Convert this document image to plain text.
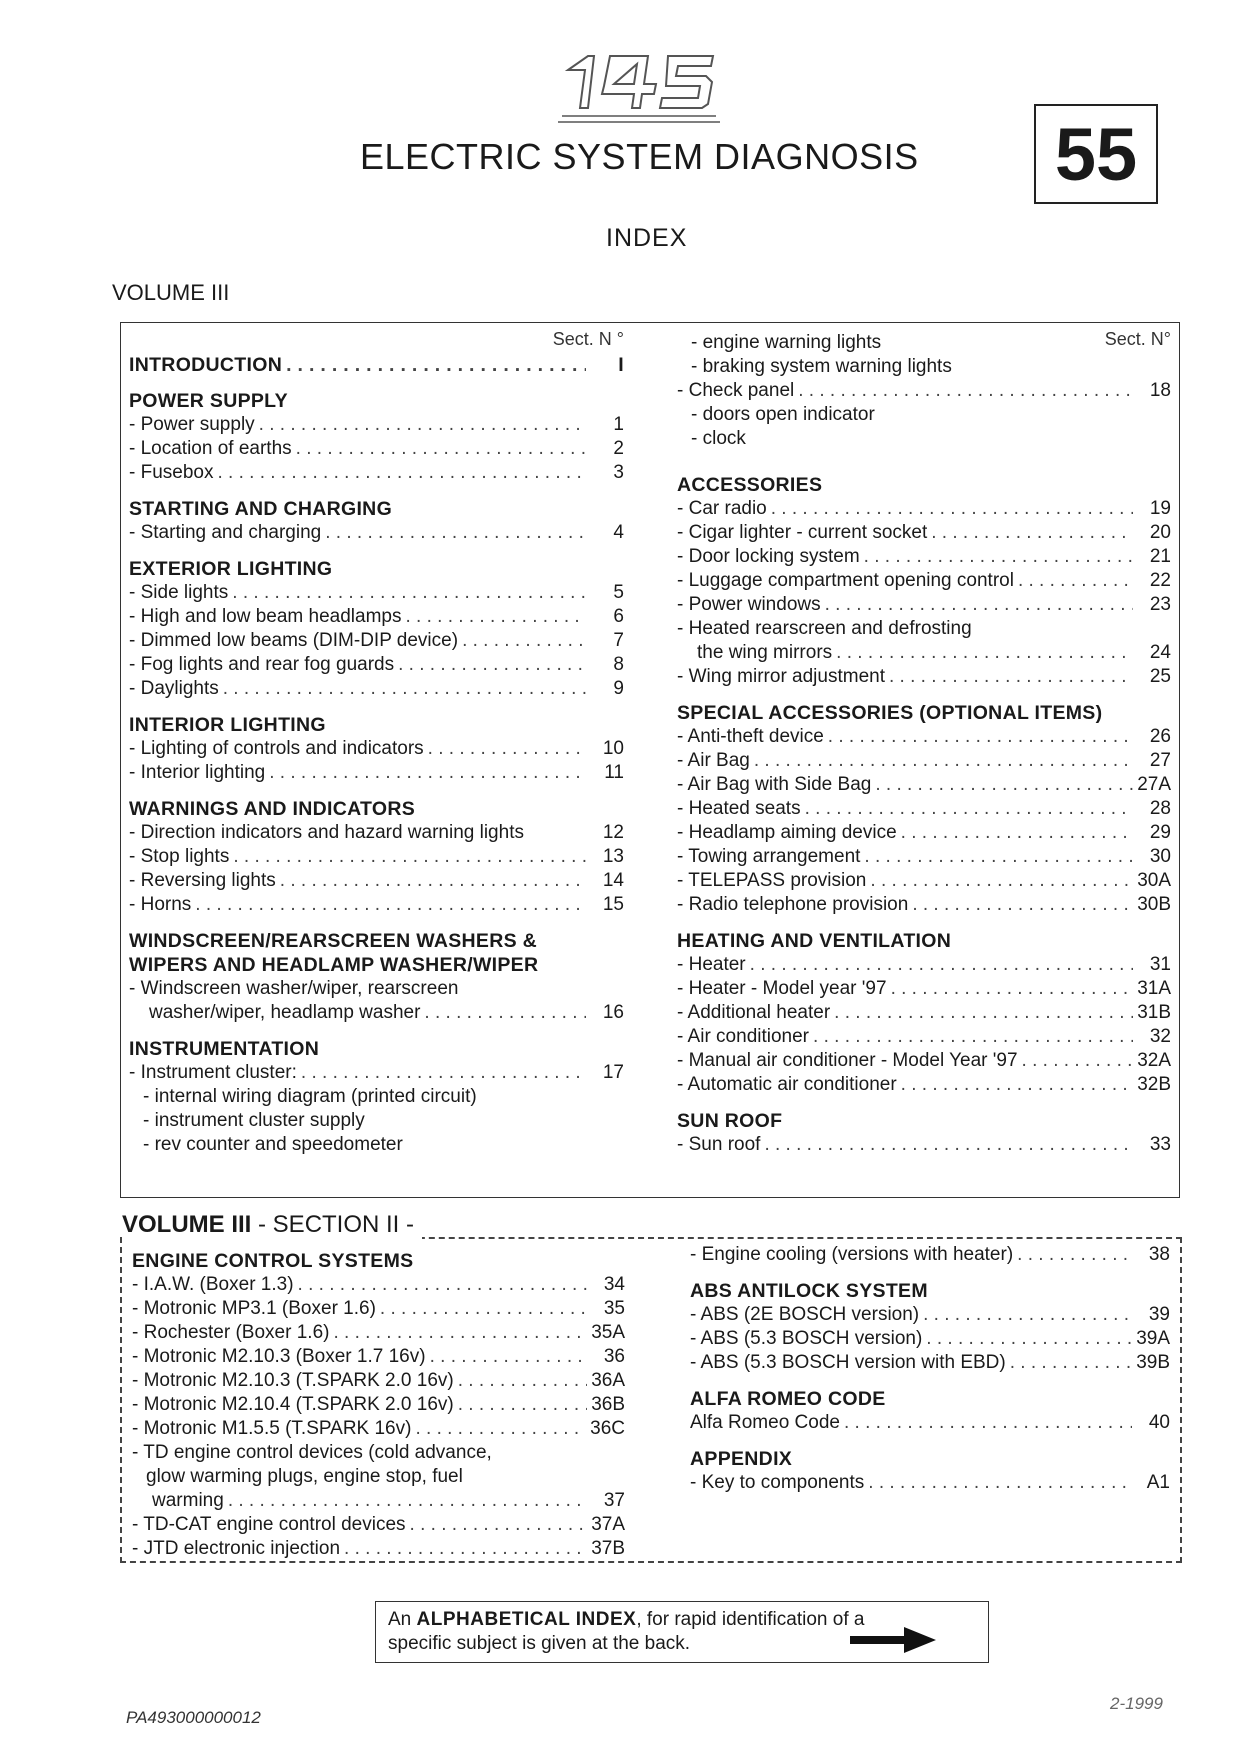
ELECTRIC SYSTEM DIAGNOSIS 55
INDEX
VOLUME III
Sect. N °
INTRODUCTION . . .	I
POWER SUPPLY
- Power supply . . .	1
- Location of earths . . .	2
- Fusebox . . .	3
STARTING AND CHARGING
- Starting and charging . . .	4
EXTERIOR LIGHTING
- Side lights . . .	5
- High and low beam headlamps . . .	6
- Dimmed low beams (DIM-DIP device) . . .	7
- Fog lights and rear fog guards . . .	8
- Daylights . . .	9
INTERIOR LIGHTING
- Lighting of controls and indicators . . .	10
- Interior lighting . . .	11
WARNINGS AND INDICATORS
- Direction indicators and hazard warning lights	12
- Stop lights . . .	13
- Reversing lights . . .	14
- Horns . . .	15
WINDSCREEN/REARSCREEN WASHERS &
WIPERS AND HEADLAMP WASHER/WIPER
- Windscreen washer/wiper, rearscreen
washer/wiper, headlamp washer . . .	16
INSTRUMENTATION
- Instrument cluster: . . .	17
- internal wiring diagram (printed circuit)
- instrument cluster supply
- rev counter and speedometer
Sect. N°
- engine warning lights
- braking system warning lights
- Check panel . . .	18
- doors open indicator
- clock
ACCESSORIES
- Car radio . . .	19
- Cigar lighter - current socket . . .	20
- Door locking system . . .	21
- Luggage compartment opening control . . .	22
- Power windows . . .	23
- Heated rearscreen and defrosting
the wing mirrors . . .	24
- Wing mirror adjustment . . .	25
SPECIAL ACCESSORIES (OPTIONAL ITEMS)
- Anti-theft device . . .	26
- Air Bag . . .	27
- Air Bag with Side Bag . . .	27A
- Heated seats . . .	28
- Headlamp aiming device . . .	29
- Towing arrangement . . .	30
- TELEPASS provision . . .	30A
- Radio telephone provision . . .	30B
HEATING AND VENTILATION
- Heater . . .	31
- Heater - Model year '97 . . .	31A
- Additional heater . . .	31B
- Air conditioner . . .	32
- Manual air conditioner - Model Year '97 . . .	32A
- Automatic air conditioner . . .	32B
SUN ROOF
- Sun roof . . .	33
ENGINE CONTROL SYSTEMS
- I.A.W. (Boxer 1.3) . . .	34
- Motronic MP3.1 (Boxer 1.6) . . .	35
- Rochester (Boxer 1.6) . . .	35A
- Motronic M2.10.3 (Boxer 1.7 16v) . . .	36
- Motronic M2.10.3 (T.SPARK 2.0 16v) . . .	36A
- Motronic M2.10.4 (T.SPARK 2.0 16v) . . .	36B
- Motronic M1.5.5 (T.SPARK 16v) . . .	36C
- TD engine control devices (cold advance,
glow warming plugs, engine stop, fuel
warming . . .	37
- TD-CAT engine control devices . . .	37A
- JTD electronic injection . . .	37B
- Engine cooling (versions with heater) . . .	38
ABS ANTILOCK SYSTEM
- ABS (2E BOSCH version) . . .	39
- ABS (5.3 BOSCH version) . . .	39A
- ABS (5.3 BOSCH version with EBD) . . .	39B
ALFA ROMEO CODE
Alfa Romeo Code . . .	40
APPENDIX
- Key to components . . .	A1
VOLUME III - SECTION II -
An ALPHABETICAL INDEX, for rapid identification of a
specific subject is given at the back.
PA493000000012
2-1999
